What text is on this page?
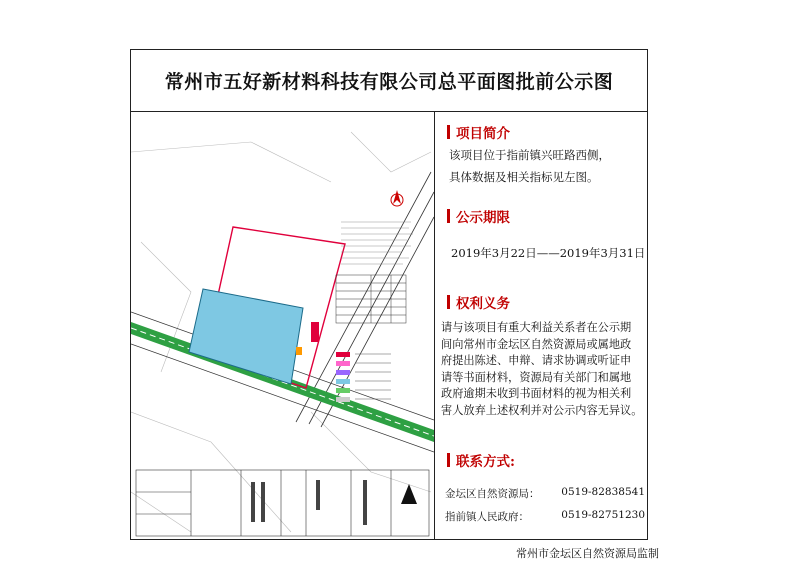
常州市五好新材料科技有限公司总平面图批前公示图
项目简介
该项目位于指前镇兴旺路西侧，
具体数据及相关指标见左图。
公示期限
2019年3月22日——2019年3月31日
权利义务
请与该项目有重大利益关系者在公示期
间向常州市金坛区自然资源局或属地政
府提出陈述、申辩、请求协调或听证申
请等书面材料，资源局有关部门和属地
政府逾期未收到书面材料的视为相关利
害人放弃上述权利并对公示内容无异议。
联系方式:
金坛区自然资源局： 0519-82838541
指前镇人民政府：	0519-82751230
常州市金坛区自然资源局监制
